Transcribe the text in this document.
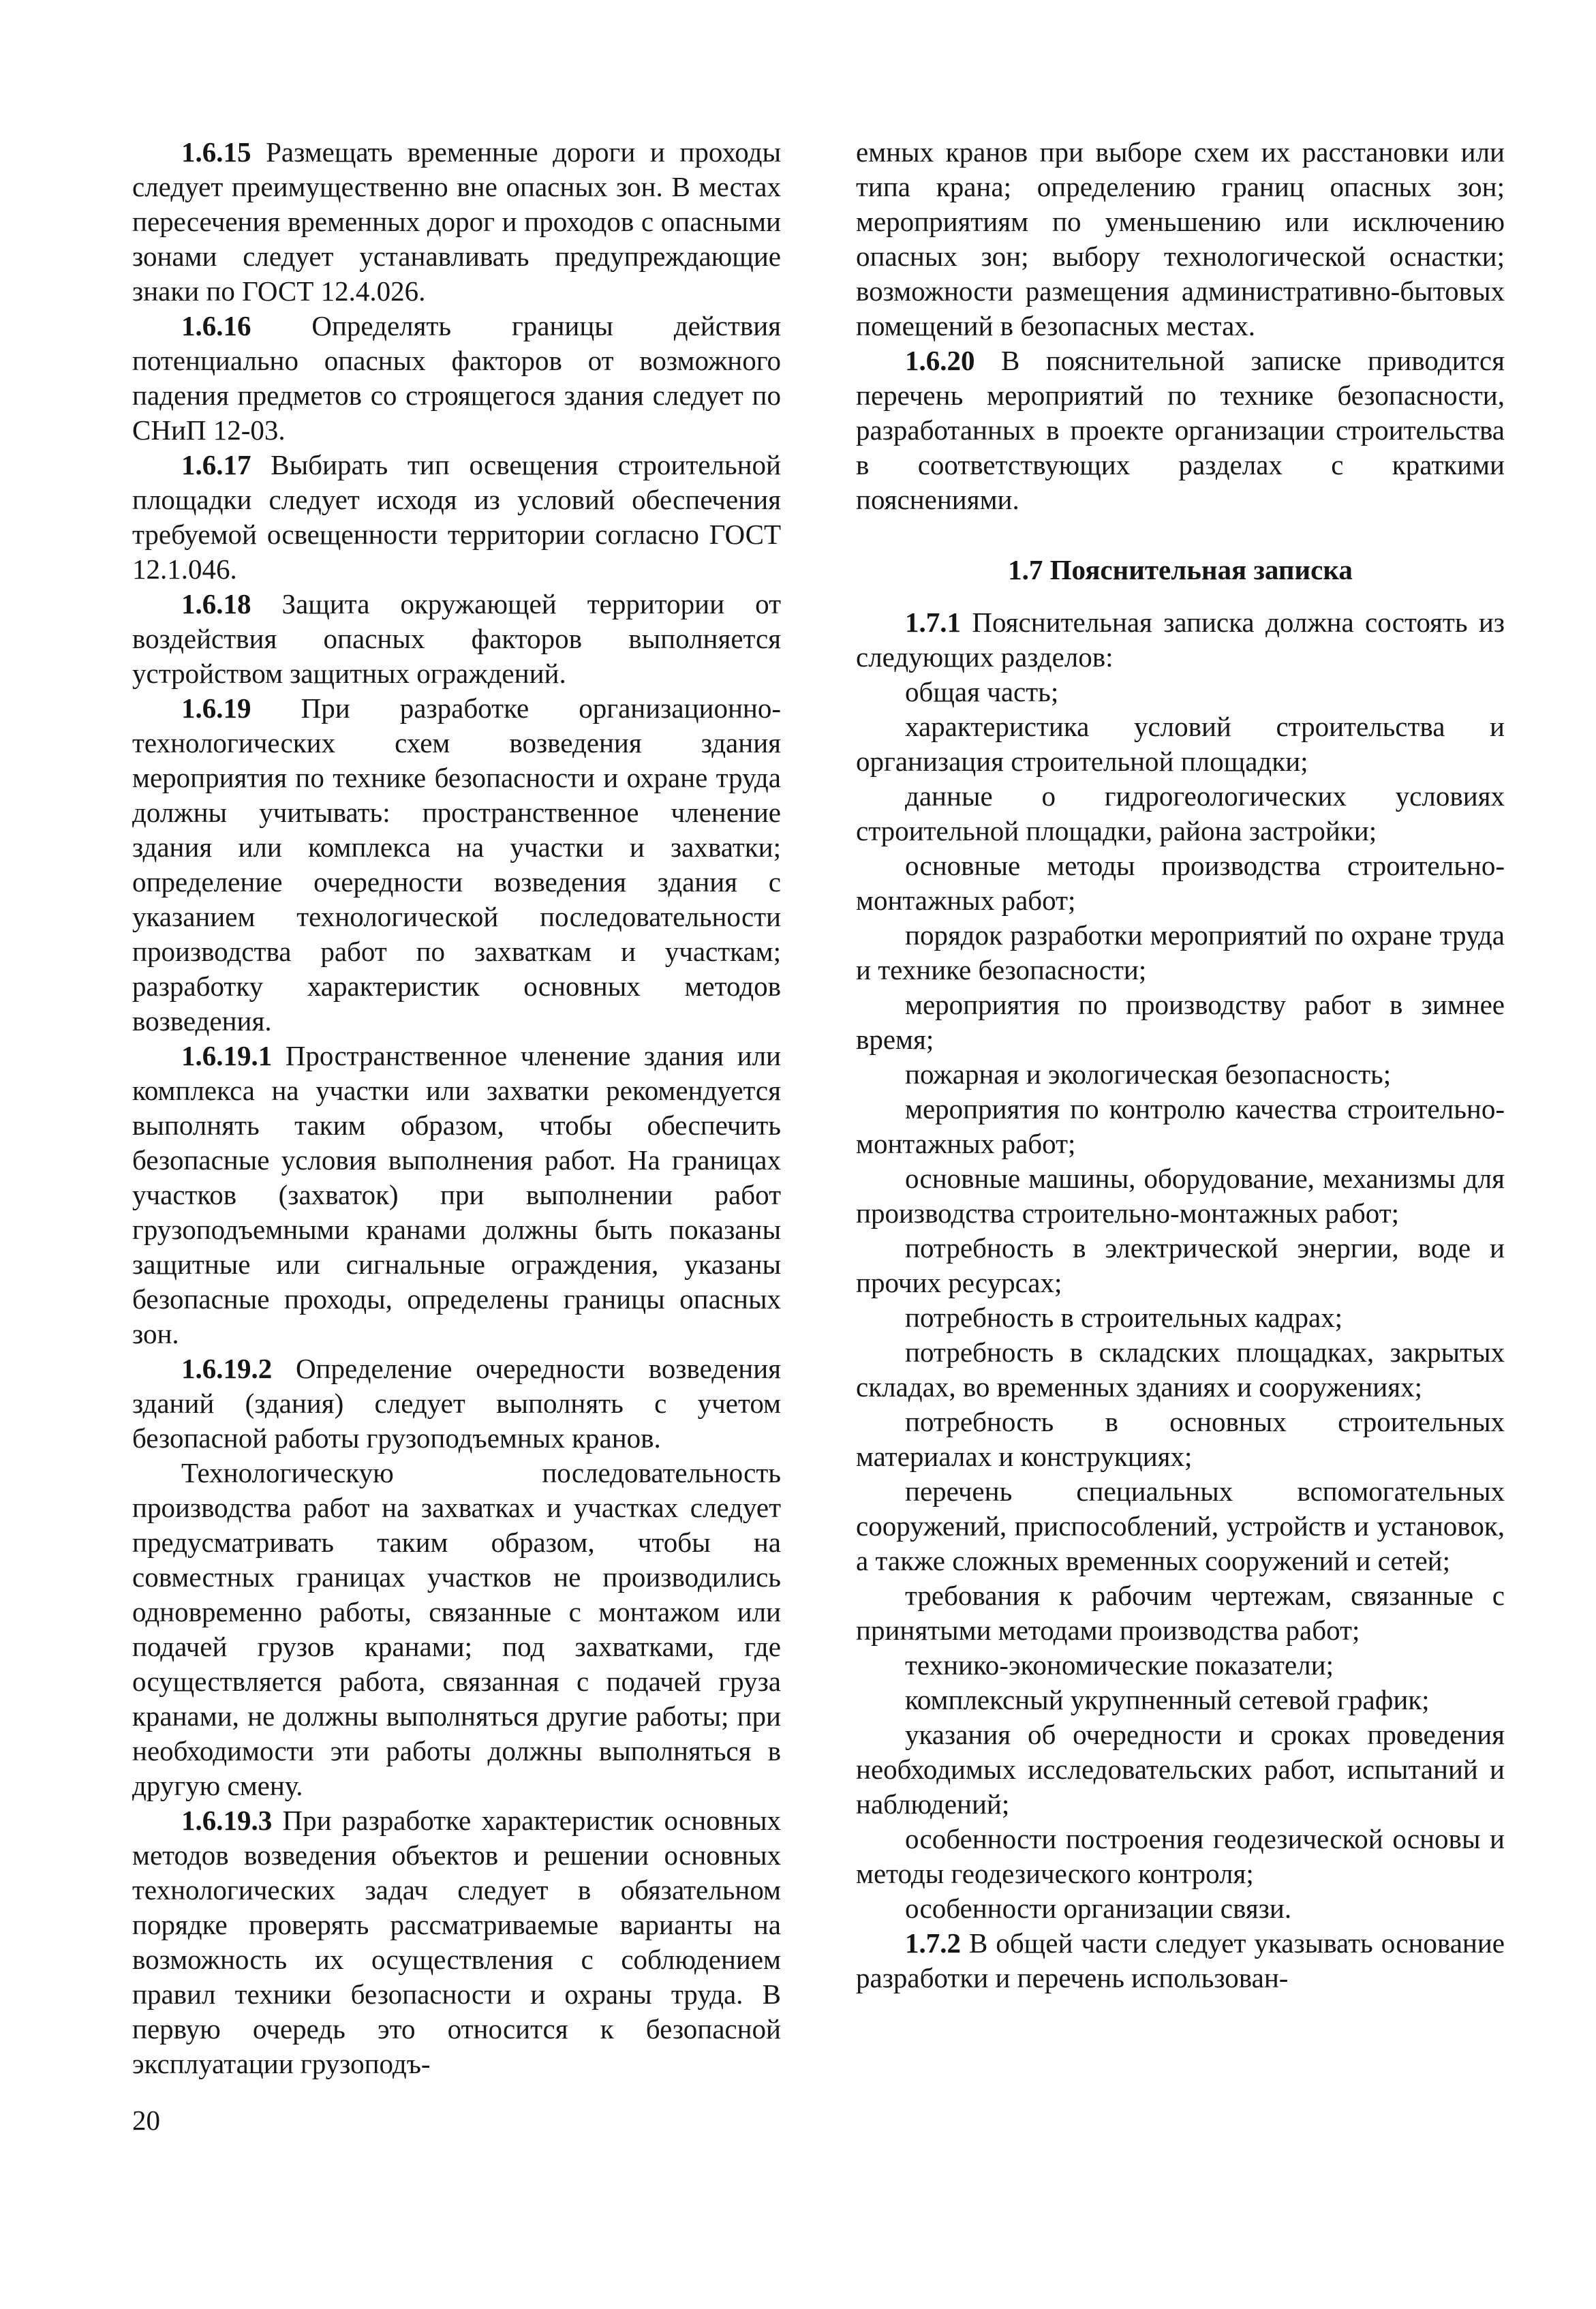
1.6.15 Размещать временные дороги и проходы следует преимущественно вне опасных зон. В местах пересечения временных дорог и проходов с опасными зонами следует устанавливать предупреждающие знаки по ГОСТ 12.4.026.

1.6.16 Определять границы действия потенциально опасных факторов от возможного падения предметов со строящегося здания следует по СНиП 12-03.

1.6.17 Выбирать тип освещения строительной площадки следует исходя из условий обеспечения требуемой освещенности территории согласно ГОСТ 12.1.046.

1.6.18 Защита окружающей территории от воздействия опасных факторов выполняется устройством защитных ограждений.

1.6.19 При разработке организационно-технологических схем возведения здания мероприятия по технике безопасности и охране труда должны учитывать: пространственное членение здания или комплекса на участки и захватки; определение очередности возведения здания с указанием технологической последовательности производства работ по захваткам и участкам; разработку характеристик основных методов возведения.

1.6.19.1 Пространственное членение здания или комплекса на участки или захватки рекомендуется выполнять таким образом, чтобы обеспечить безопасные условия выполнения работ. На границах участков (захваток) при выполнении работ грузоподъемными кранами должны быть показаны защитные или сигнальные ограждения, указаны безопасные проходы, определены границы опасных зон.

1.6.19.2 Определение очередности возведения зданий (здания) следует выполнять с учетом безопасной работы грузоподъемных кранов.

Технологическую последовательность производства работ на захватках и участках следует предусматривать таким образом, чтобы на совместных границах участков не производились одновременно работы, связанные с монтажом или подачей грузов кранами; под захватками, где осуществляется работа, связанная с подачей груза кранами, не должны выполняться другие работы; при необходимости эти работы должны выполняться в другую смену.

1.6.19.3 При разработке характеристик основных методов возведения объектов и решении основных технологических задач следует в обязательном порядке проверять рассматриваемые варианты на возможность их осуществления с соблюдением правил техники безопасности и охраны труда. В первую очередь это относится к безопасной эксплуатации грузоподъ-

емных кранов при выборе схем их расстановки или типа крана; определению границ опасных зон; мероприятиям по уменьшению или исключению опасных зон; выбору технологической оснастки; возможности размещения административно-бытовых помещений в безопасных местах.

1.6.20 В пояснительной записке приводится перечень мероприятий по технике безопасности, разработанных в проекте организации строительства в соответствующих разделах с краткими пояснениями.

1.7 Пояснительная записка

1.7.1 Пояснительная записка должна состоять из следующих разделов:

общая часть;

характеристика условий строительства и организация строительной площадки;

данные о гидрогеологических условиях строительной площадки, района застройки;

основные методы производства строительно-монтажных работ;

порядок разработки мероприятий по охране труда и технике безопасности;

мероприятия по производству работ в зимнее время;

пожарная и экологическая безопасность;

мероприятия по контролю качества строительно-монтажных работ;

основные машины, оборудование, механизмы для производства строительно-монтажных работ;

потребность в электрической энергии, воде и прочих ресурсах;

потребность в строительных кадрах;

потребность в складских площадках, закрытых складах, во временных зданиях и сооружениях;

потребность в основных строительных материалах и конструкциях;

перечень специальных вспомогательных сооружений, приспособлений, устройств и установок, а также сложных временных сооружений и сетей;

требования к рабочим чертежам, связанные с принятыми методами производства работ;

технико-экономические показатели;

комплексный укрупненный сетевой график;

указания об очередности и сроках проведения необходимых исследовательских работ, испытаний и наблюдений;

особенности построения геодезической основы и методы геодезического контроля;

особенности организации связи.

1.7.2 В общей части следует указывать основание разработки и перечень использован-

20
